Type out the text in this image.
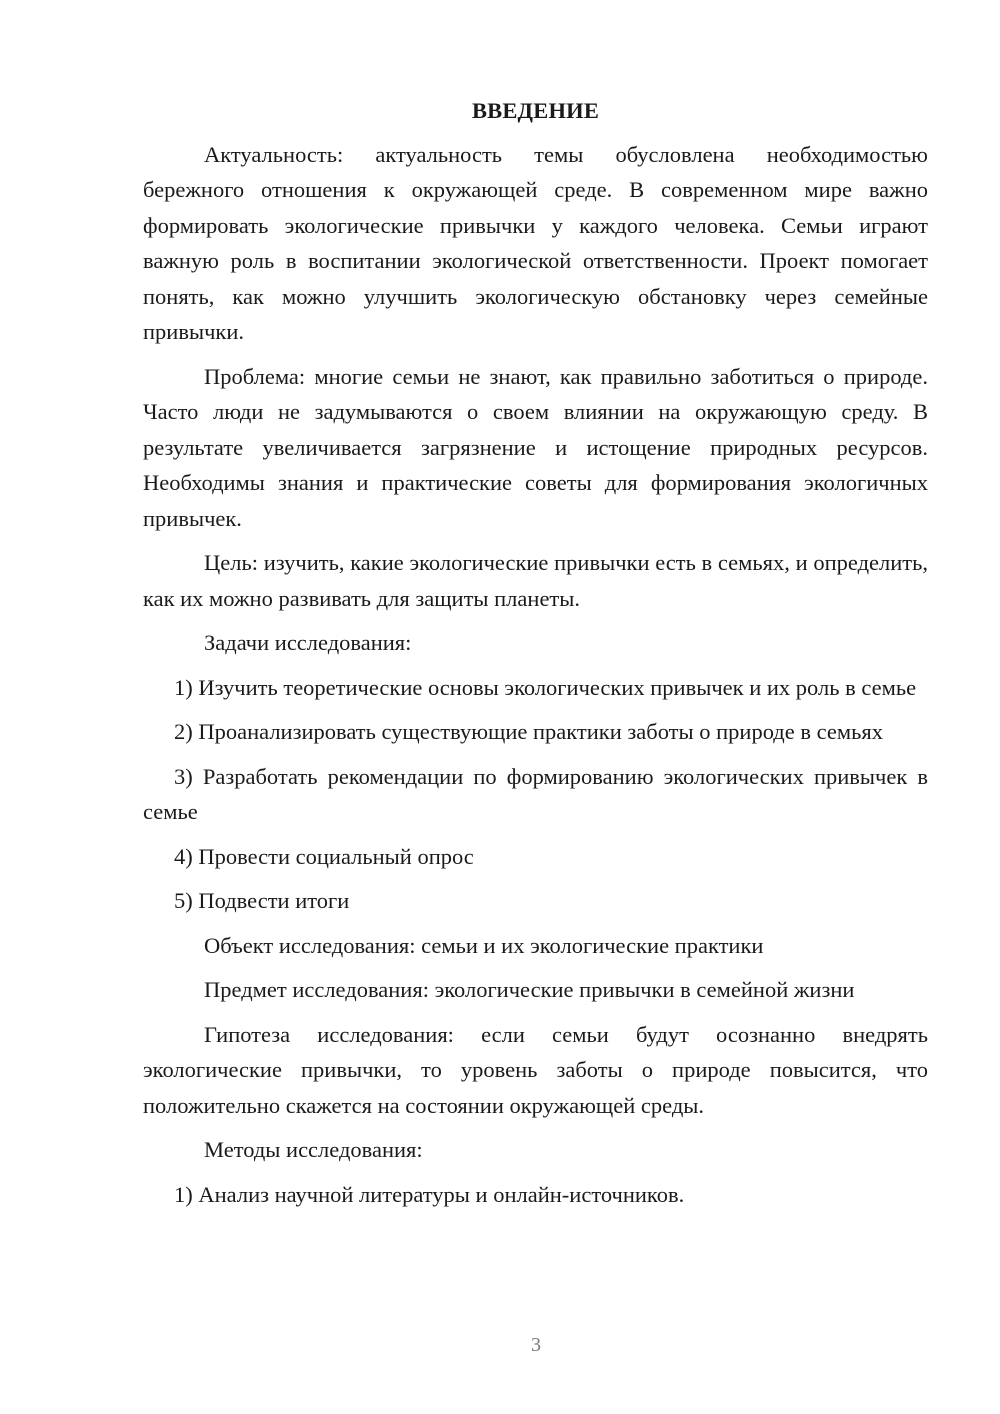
ВВЕДЕНИЕ

Актуальность: актуальность темы обусловлена необходимостью бережного отношения к окружающей среде. В современном мире важно формировать экологические привычки у каждого человека. Семьи играют важную роль в воспитании экологической ответственности. Проект помогает понять, как можно улучшить экологическую обстановку через семейные привычки.

Проблема: многие семьи не знают, как правильно заботиться о природе. Часто люди не задумываются о своем влиянии на окружающую среду. В результате увеличивается загрязнение и истощение природных ресурсов. Необходимы знания и практические советы для формирования экологичных привычек.

Цель: изучить, какие экологические привычки есть в семьях, и определить, как их можно развивать для защиты планеты.

Задачи исследования:

1) Изучить теоретические основы экологических привычек и их роль в семье

2) Проанализировать существующие практики заботы о природе в семьях

3) Разработать рекомендации по формированию экологических привычек в семье

4) Провести социальный опрос

5) Подвести итоги

Объект исследования: семьи и их экологические практики

Предмет исследования: экологические привычки в семейной жизни

Гипотеза исследования: если семьи будут осознанно внедрять экологические привычки, то уровень заботы о природе повысится, что положительно скажется на состоянии окружающей среды.

Методы исследования:

1) Анализ научной литературы и онлайн-источников.

3
